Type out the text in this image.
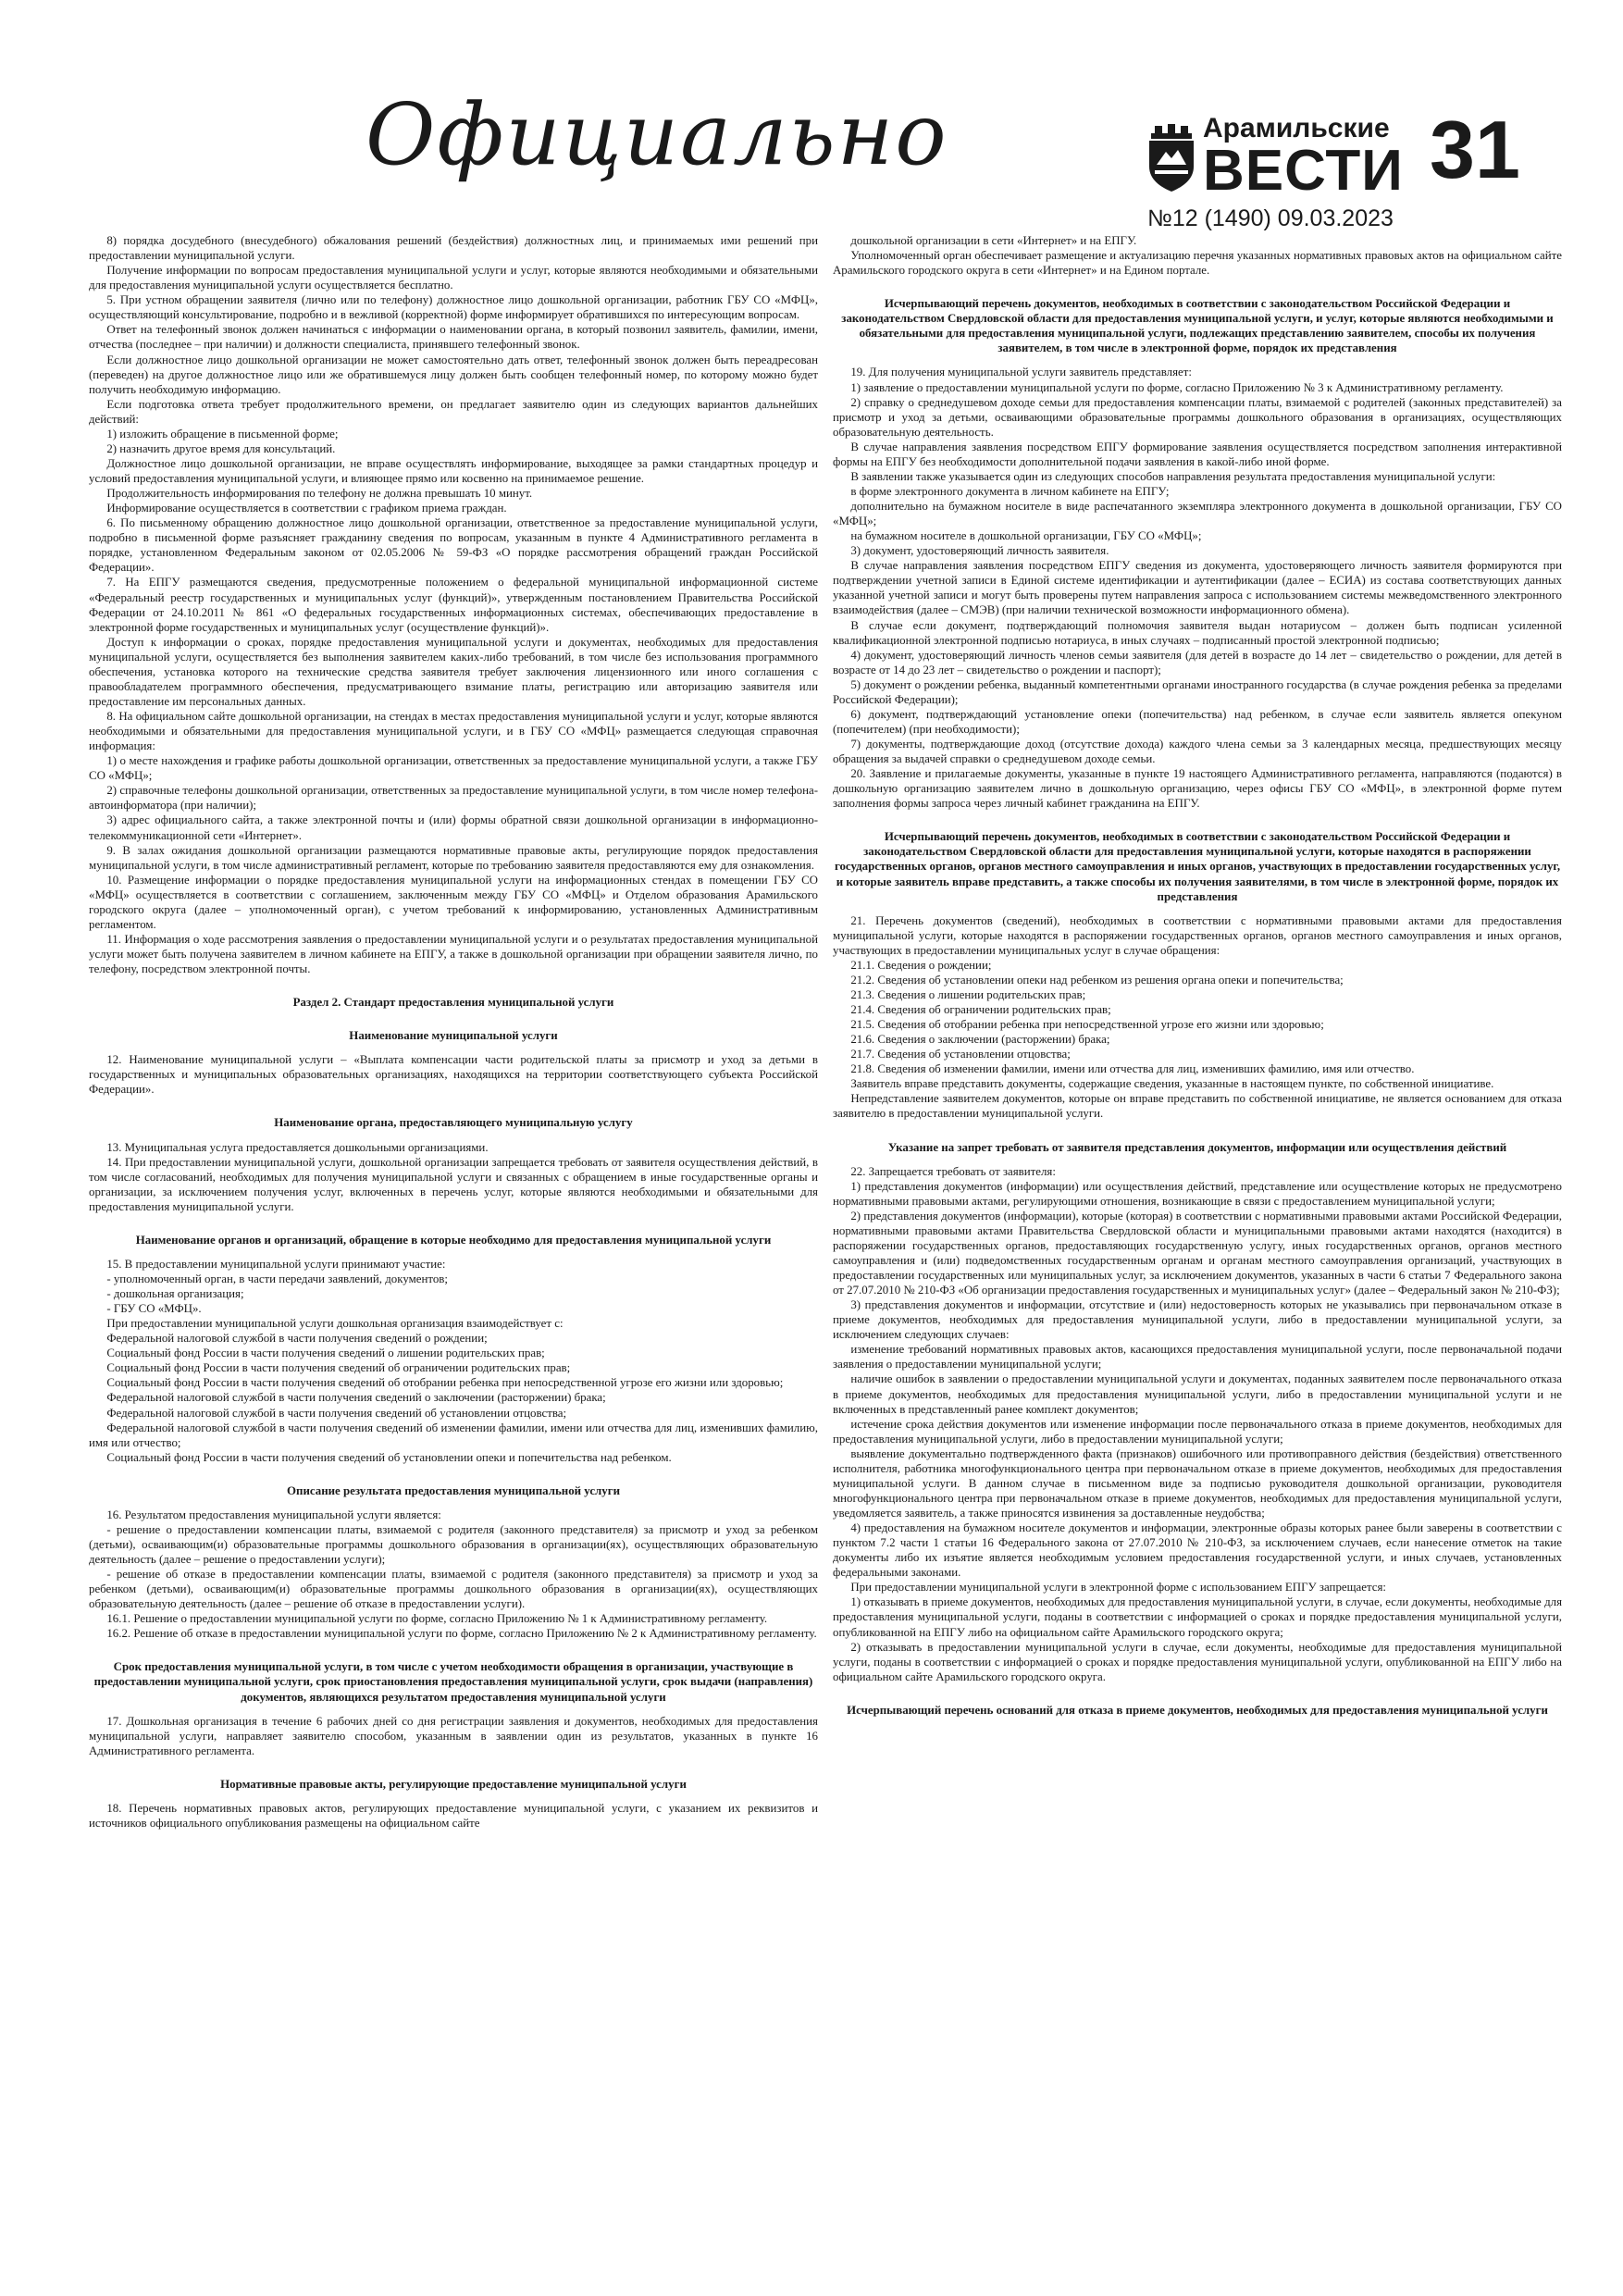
Официально	Арамильские
ВЕСТИ 31
№12 (1490) 09.03.2023

8) порядка досудебного (внесудебного) обжалования решений (бездействия) должностных лиц, и принимаемых ими решений при предоставлении муниципальной услуги.

Получение информации по вопросам предоставления муниципальной услуги и услуг, которые являются необходимыми и обязательными для предоставления муниципальной услуги осуществляется бесплатно.

5. При устном обращении заявителя (лично или по телефону) должностное лицо дошкольной организации, работник ГБУ СО «МФЦ», осуществляющий консультирование, подробно и в вежливой (корректной) форме информирует обратившихся по интересующим вопросам.

Ответ на телефонный звонок должен начинаться с информации о наименовании органа, в который позвонил заявитель, фамилии, имени, отчества (последнее – при наличии) и должности специалиста, принявшего телефонный звонок.

Если должностное лицо дошкольной организации не может самостоятельно дать ответ, телефонный звонок должен быть переадресован (переведен) на другое должностное лицо или же обратившемуся лицу должен быть сообщен телефонный номер, по которому можно будет получить необходимую информацию.

Если подготовка ответа требует продолжительного времени, он предлагает заявителю один из следующих вариантов дальнейших действий:

1) изложить обращение в письменной форме;

2) назначить другое время для консультаций.

Должностное лицо дошкольной организации, не вправе осуществлять информирование, выходящее за рамки стандартных процедур и условий предоставления муниципальной услуги, и влияющее прямо или косвенно на принимаемое решение.

Продолжительность информирования по телефону не должна превышать 10 минут.

Информирование осуществляется в соответствии с графиком приема граждан.

6. По письменному обращению должностное лицо дошкольной организации, ответственное за предоставление муниципальной услуги, подробно в письменной форме разъясняет гражданину сведения по вопросам, указанным в пункте 4 Административного регламента в порядке, установленном Федеральным законом от 02.05.2006 № 59-ФЗ «О порядке рассмотрения обращений граждан Российской Федерации».

7. На ЕПГУ размещаются сведения, предусмотренные положением о федеральной муниципальной информационной системе «Федеральный реестр государственных и муниципальных услуг (функций)», утвержденным постановлением Правительства Российской Федерации от 24.10.2011 № 861 «О федеральных государственных информационных системах, обеспечивающих предоставление в электронной форме государственных и муниципальных услуг (осуществление функций)».

Доступ к информации о сроках, порядке предоставления муниципальной услуги и документах, необходимых для предоставления муниципальной услуги, осуществляется без выполнения заявителем каких-либо требований, в том числе без использования программного обеспечения, установка которого на технические средства заявителя требует заключения лицензионного или иного соглашения с правообладателем программного обеспечения, предусматривающего взимание платы, регистрацию или авторизацию заявителя или предоставление им персональных данных.

8. На официальном сайте дошкольной организации, на стендах в местах предоставления муниципальной услуги и услуг, которые являются необходимыми и обязательными для предоставления муниципальной услуги, и в ГБУ СО «МФЦ» размещается следующая справочная информация:

1) о месте нахождения и графике работы дошкольной организации, ответственных за предоставление муниципальной услуги, а также ГБУ СО «МФЦ»;

2) справочные телефоны дошкольной организации, ответственных за предоставление муниципальной услуги, в том числе номер телефона-автоинформатора (при наличии);

3) адрес официального сайта, а также электронной почты и (или) формы обратной связи дошкольной организации в информационно-телекоммуникационной сети «Интернет».

9. В залах ожидания дошкольной организации размещаются нормативные правовые акты, регулирующие порядок предоставления муниципальной услуги, в том числе административный регламент, которые по требованию заявителя предоставляются ему для ознакомления.

10. Размещение информации о порядке предоставления муниципальной услуги на информационных стендах в помещении ГБУ СО «МФЦ» осуществляется в соответствии с соглашением, заключенным между ГБУ СО «МФЦ» и Отделом образования Арамильского городского округа (далее – уполномоченный орган), с учетом требований к информированию, установленных Административным регламентом.

11. Информация о ходе рассмотрения заявления о предоставлении муниципальной услуги и о результатах предоставления муниципальной услуги может быть получена заявителем в личном кабинете на ЕПГУ, а также в дошкольной организации при обращении заявителя лично, по телефону, посредством электронной почты.

Раздел 2. Стандарт предоставления муниципальной услуги
Наименование муниципальной услуги

12. Наименование муниципальной услуги – «Выплата компенсации части родительской платы за присмотр и уход за детьми в государственных и муниципальных образовательных организациях, находящихся на территории соответствующего субъекта Российской Федерации».

Наименование органа, предоставляющего муниципальную услугу

13. Муниципальная услуга предоставляется дошкольными организациями.

14. При предоставлении муниципальной услуги, дошкольной организации запрещается требовать от заявителя осуществления действий, в том числе согласований, необходимых для получения муниципальной услуги и связанных с обращением в иные государственные органы и организации, за исключением получения услуг, включенных в перечень услуг, которые являются необходимыми и обязательными для предоставления муниципальной услуги.

Наименование органов и организаций, обращение в которые необходимо для предоставления муниципальной услуги

15. В предоставлении муниципальной услуги принимают участие:

- уполномоченный орган, в части передачи заявлений, документов;

- дошкольная организация;

- ГБУ СО «МФЦ».

При предоставлении муниципальной услуги дошкольная организация взаимодействует с:

Федеральной налоговой службой в части получения сведений о рождении;

Социальный фонд России в части получения сведений о лишении родительских прав;

Социальный фонд России в части получения сведений об ограничении родительских прав;

Социальный фонд России в части получения сведений об отобрании ребенка при непосредственной угрозе его жизни или здоровью;

Федеральной налоговой службой в части получения сведений о заключении (расторжении) брака;

Федеральной налоговой службой в части получения сведений об установлении отцовства;

Федеральной налоговой службой в части получения сведений об изменении фамилии, имени или отчества для лиц, изменивших фамилию, имя или отчество;

Социальный фонд России в части получения сведений об установлении опеки и попечительства над ребенком.

Описание результата предоставления муниципальной услуги

16. Результатом предоставления муниципальной услуги является:

- решение о предоставлении компенсации платы, взимаемой с родителя (законного представителя) за присмотр и уход за ребенком (детьми), осваивающим(и) образовательные программы дошкольного образования в организации(ях), осуществляющих образовательную деятельность (далее – решение о предоставлении услуги);

- решение об отказе в предоставлении компенсации платы, взимаемой с родителя (законного представителя) за присмотр и уход за ребенком (детьми), осваивающим(и) образовательные программы дошкольного образования в организации(ях), осуществляющих образовательную деятельность (далее – решение об отказе в предоставлении услуги).

16.1. Решение о предоставлении муниципальной услуги по форме, согласно Приложению № 1 к Административному регламенту.

16.2. Решение об отказе в предоставлении муниципальной услуги по форме, согласно Приложению № 2 к Административному регламенту.

Срок предоставления муниципальной услуги, в том числе с учетом необходимости обращения в организации, участвующие в предоставлении муниципальной услуги, срок приостановления предоставления муниципальной услуги, срок выдачи (направления) документов, являющихся результатом предоставления муниципальной услуги

17. Дошкольная организация в течение 6 рабочих дней со дня регистрации заявления и документов, необходимых для предоставления муниципальной услуги, направляет заявителю способом, указанным в заявлении один из результатов, указанных в пункте 16 Административного регламента.

Нормативные правовые акты, регулирующие предоставление муниципальной услуги

18. Перечень нормативных правовых актов, регулирующих предоставление муниципальной услуги, с указанием их реквизитов и источников официального опубликования размещены на официальном сайте

дошкольной организации в сети «Интернет» и на ЕПГУ.

Уполномоченный орган обеспечивает размещение и актуализацию перечня указанных нормативных правовых актов на официальном сайте Арамильского городского округа в сети «Интернет» и на Едином портале.

Исчерпывающий перечень документов, необходимых в соответствии с законодательством Российской Федерации и законодательством Свердловской области для предоставления муниципальной услуги, и услуг, которые являются необходимыми и обязательными для предоставления муниципальной услуги, подлежащих представлению заявителем, способы их получения заявителем, в том числе в электронной форме, порядок их представления

19. Для получения муниципальной услуги заявитель представляет:

1) заявление о предоставлении муниципальной услуги по форме, согласно Приложению № 3 к Административному регламенту.

2) справку о среднедушевом доходе семьи для предоставления компенсации платы, взимаемой с родителей (законных представителей) за присмотр и уход за детьми, осваивающими образовательные программы дошкольного образования в организациях, осуществляющих образовательную деятельность.

В случае направления заявления посредством ЕПГУ формирование заявления осуществляется посредством заполнения интерактивной формы на ЕПГУ без необходимости дополнительной подачи заявления в какой-либо иной форме.

В заявлении также указывается один из следующих способов направления результата предоставления муниципальной услуги:

в форме электронного документа в личном кабинете на ЕПГУ;

дополнительно на бумажном носителе в виде распечатанного экземпляра электронного документа в дошкольной организации, ГБУ СО «МФЦ»;

на бумажном носителе в дошкольной организации, ГБУ СО «МФЦ»;

3) документ, удостоверяющий личность заявителя.

В случае направления заявления посредством ЕПГУ сведения из документа, удостоверяющего личность заявителя формируются при подтверждении учетной записи в Единой системе идентификации и аутентификации (далее – ЕСИА) из состава соответствующих данных указанной учетной записи и могут быть проверены путем направления запроса с использованием системы межведомственного электронного взаимодействия (далее – СМЭВ) (при наличии технической возможности информационного обмена).

В случае если документ, подтверждающий полномочия заявителя выдан нотариусом – должен быть подписан усиленной квалификационной электронной подписью нотариуса, в иных случаях – подписанный простой электронной подписью;

4) документ, удостоверяющий личность членов семьи заявителя (для детей в возрасте до 14 лет – свидетельство о рождении, для детей в возрасте от 14 до 23 лет – свидетельство о рождении и паспорт);

5) документ о рождении ребенка, выданный компетентными органами иностранного государства (в случае рождения ребенка за пределами Российской Федерации);

6) документ, подтверждающий установление опеки (попечительства) над ребенком, в случае если заявитель является опекуном (попечителем) (при необходимости);

7) документы, подтверждающие доход (отсутствие дохода) каждого члена семьи за 3 календарных месяца, предшествующих месяцу обращения за выдачей справки о среднедушевом доходе семьи.

20. Заявление и прилагаемые документы, указанные в пункте 19 настоящего Административного регламента, направляются (подаются) в дошкольную организацию заявителем лично в дошкольную организацию, через офисы ГБУ СО «МФЦ», в электронной форме путем заполнения формы запроса через личный кабинет гражданина на ЕПГУ.

Исчерпывающий перечень документов, необходимых в соответствии с законодательством Российской Федерации и законодательством Свердловской области для предоставления муниципальной услуги, которые находятся в распоряжении государственных органов, органов местного самоуправления и иных органов, участвующих в предоставлении государственных услуг, и которые заявитель вправе представить, а также способы их получения заявителями, в том числе в электронной форме, порядок их представления

21. Перечень документов (сведений), необходимых в соответствии с нормативными правовыми актами для предоставления муниципальной услуги, которые находятся в распоряжении государственных органов, органов местного самоуправления и иных органов, участвующих в предоставлении муниципальных услуг в случае обращения:

21.1. Сведения о рождении;

21.2. Сведения об установлении опеки над ребенком из решения органа опеки и попечительства;

21.3. Сведения о лишении родительских прав;

21.4. Сведения об ограничении родительских прав;

21.5. Сведения об отобрании ребенка при непосредственной угрозе его жизни или здоровью;

21.6. Сведения о заключении (расторжении) брака;

21.7. Сведения об установлении отцовства;

21.8. Сведения об изменении фамилии, имени или отчества для лиц, изменивших фамилию, имя или отчество.

Заявитель вправе представить документы, содержащие сведения, указанные в настоящем пункте, по собственной инициативе.

Непредставление заявителем документов, которые он вправе представить по собственной инициативе, не является основанием для отказа заявителю в предоставлении муниципальной услуги.

Указание на запрет требовать от заявителя представления документов, информации или осуществления действий

22. Запрещается требовать от заявителя:

1) представления документов (информации) или осуществления действий, представление или осуществление которых не предусмотрено нормативными правовыми актами, регулирующими отношения, возникающие в связи с предоставлением муниципальной услуги;

2) представления документов (информации), которые (которая) в соответствии с нормативными правовыми актами Российской Федерации, нормативными правовыми актами Правительства Свердловской области и муниципальными правовыми актами находятся (находится) в распоряжении государственных органов, предоставляющих государственную услугу, иных государственных органов, органов местного самоуправления и (или) подведомственных государственным органам и органам местного самоуправления организаций, участвующих в предоставлении государственных или муниципальных услуг, за исключением документов, указанных в части 6 статьи 7 Федерального закона от 27.07.2010 № 210-ФЗ «Об организации предоставления государственных и муниципальных услуг» (далее – Федеральный закон № 210-ФЗ);

3) представления документов и информации, отсутствие и (или) недостоверность которых не указывались при первоначальном отказе в приеме документов, необходимых для предоставления муниципальной услуги, либо в предоставлении муниципальной услуги, за исключением следующих случаев:

изменение требований нормативных правовых актов, касающихся предоставления муниципальной услуги, после первоначальной подачи заявления о предоставлении муниципальной услуги;

наличие ошибок в заявлении о предоставлении муниципальной услуги и документах, поданных заявителем после первоначального отказа в приеме документов, необходимых для предоставления муниципальной услуги, либо в предоставлении муниципальной услуги и не включенных в представленный ранее комплект документов;

истечение срока действия документов или изменение информации после первоначального отказа в приеме документов, необходимых для предоставления муниципальной услуги, либо в предоставлении муниципальной услуги;

выявление документально подтвержденного факта (признаков) ошибочного или противоправного действия (бездействия) ответственного исполнителя, работника многофункционального центра при первоначальном отказе в приеме документов, необходимых для предоставления муниципальной услуги. В данном случае в письменном виде за подписью руководителя дошкольной организации, руководителя многофункционального центра при первоначальном отказе в приеме документов, необходимых для предоставления муниципальной услуги, уведомляется заявитель, а также приносятся извинения за доставленные неудобства;

4) предоставления на бумажном носителе документов и информации, электронные образы которых ранее были заверены в соответствии с пунктом 7.2 части 1 статьи 16 Федерального закона от 27.07.2010 № 210-ФЗ, за исключением случаев, если нанесение отметок на такие документы либо их изъятие является необходимым условием предоставления государственной услуги, и иных случаев, установленных федеральными законами.

При предоставлении муниципальной услуги в электронной форме с использованием ЕПГУ запрещается:

1) отказывать в приеме документов, необходимых для предоставления муниципальной услуги, в случае, если документы, необходимые для предоставления муниципальной услуги, поданы в соответствии с информацией о сроках и порядке предоставления муниципальной услуги, опубликованной на ЕПГУ либо на официальном сайте Арамильского городского округа;

2) отказывать в предоставлении муниципальной услуги в случае, если документы, необходимые для предоставления муниципальной услуги, поданы в соответствии с информацией о сроках и порядке предоставления муниципальной услуги, опубликованной на ЕПГУ либо на официальном сайте Арамильского городского округа.

Исчерпывающий перечень оснований для отказа в приеме документов, необходимых для предоставления муниципальной услуги
